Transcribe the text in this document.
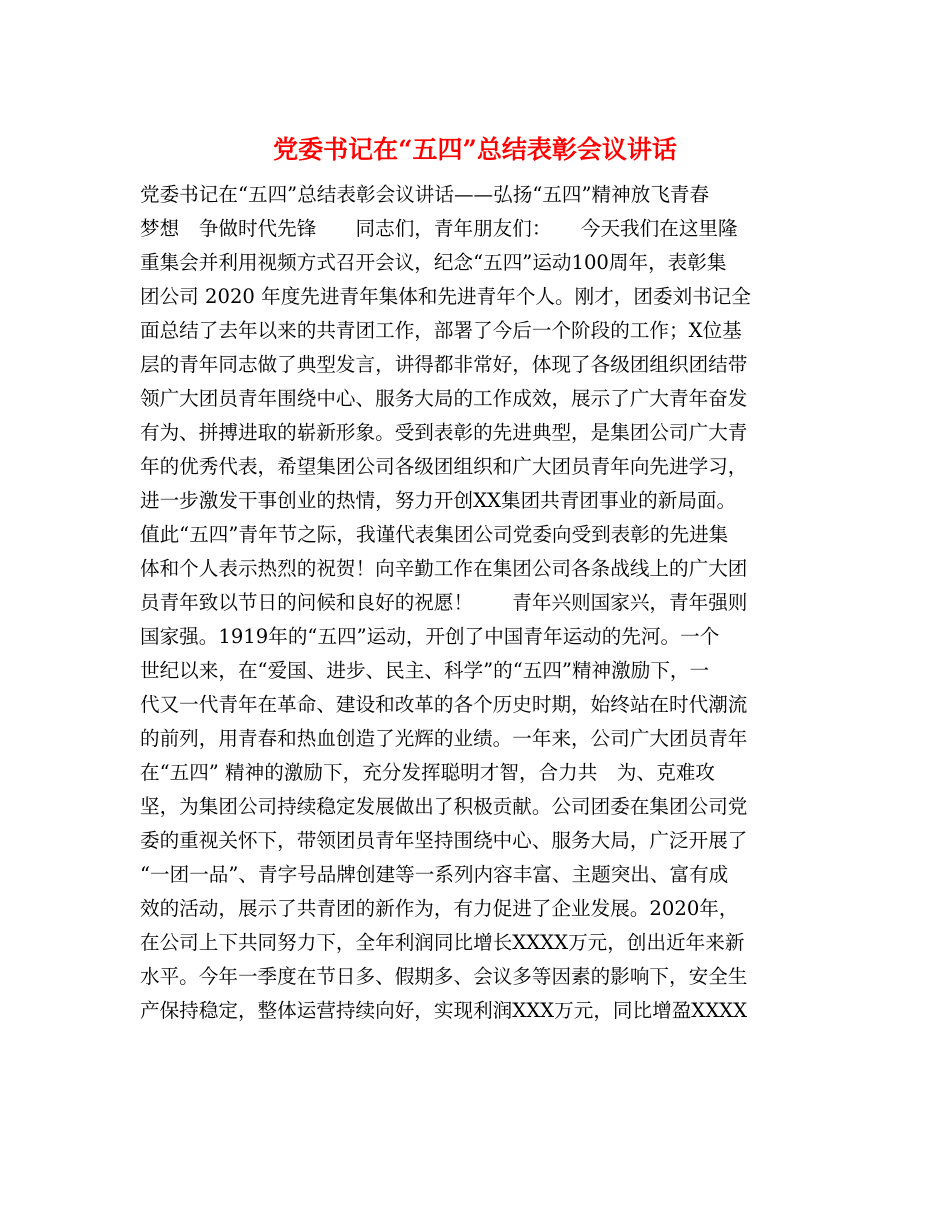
党委书记在“五四”总结表彰会议讲话
党委书记在“五四”总结表彰会议讲话——弘扬“五四”精神放飞青春
梦想　争做时代先锋　　同志们，青年朋友们：　　今天我们在这里隆
重集会并利用视频方式召开会议，纪念“五四”运动100周年，表彰集
团公司 2020 年度先进青年集体和先进青年个人。刚才，团委刘书记全
面总结了去年以来的共青团工作，部署了今后一个阶段的工作；X位基
层的青年同志做了典型发言，讲得都非常好，体现了各级团组织团结带
领广大团员青年围绕中心、服务大局的工作成效，展示了广大青年奋发
有为、拼搏进取的崭新形象。受到表彰的先进典型，是集团公司广大青
年的优秀代表，希望集团公司各级团组织和广大团员青年向先进学习，
进一步激发干事创业的热情，努力开创XX集团共青团事业的新局面。
值此“五四”青年节之际，我谨代表集团公司党委向受到表彰的先进集
体和个人表示热烈的祝贺！向辛勤工作在集团公司各条战线上的广大团
员青年致以节日的问候和良好的祝愿！　　青年兴则国家兴，青年强则
国家强。1919年的“五四”运动，开创了中国青年运动的先河。一个
世纪以来，在“爱国、进步、民主、科学”的“五四”精神激励下，一
代又一代青年在革命、建设和改革的各个历史时期，始终站在时代潮流
的前列，用青春和热血创造了光辉的业绩。一年来，公司广大团员青年
在“五四” 精神的激励下，充分发挥聪明才智，合力共　为、克难攻
坚，为集团公司持续稳定发展做出了积极贡献。公司团委在集团公司党
委的重视关怀下，带领团员青年坚持围绕中心、服务大局，广泛开展了
“一团一品”、青字号品牌创建等一系列内容丰富、主题突出、富有成
效的活动，展示了共青团的新作为，有力促进了企业发展。2020年，
在公司上下共同努力下，全年利润同比增长XXXX万元，创出近年来新
水平。今年一季度在节日多、假期多、会议多等因素的影响下，安全生
产保持稳定，整体运营持续向好，实现利润XXX万元，同比增盈XXXX
